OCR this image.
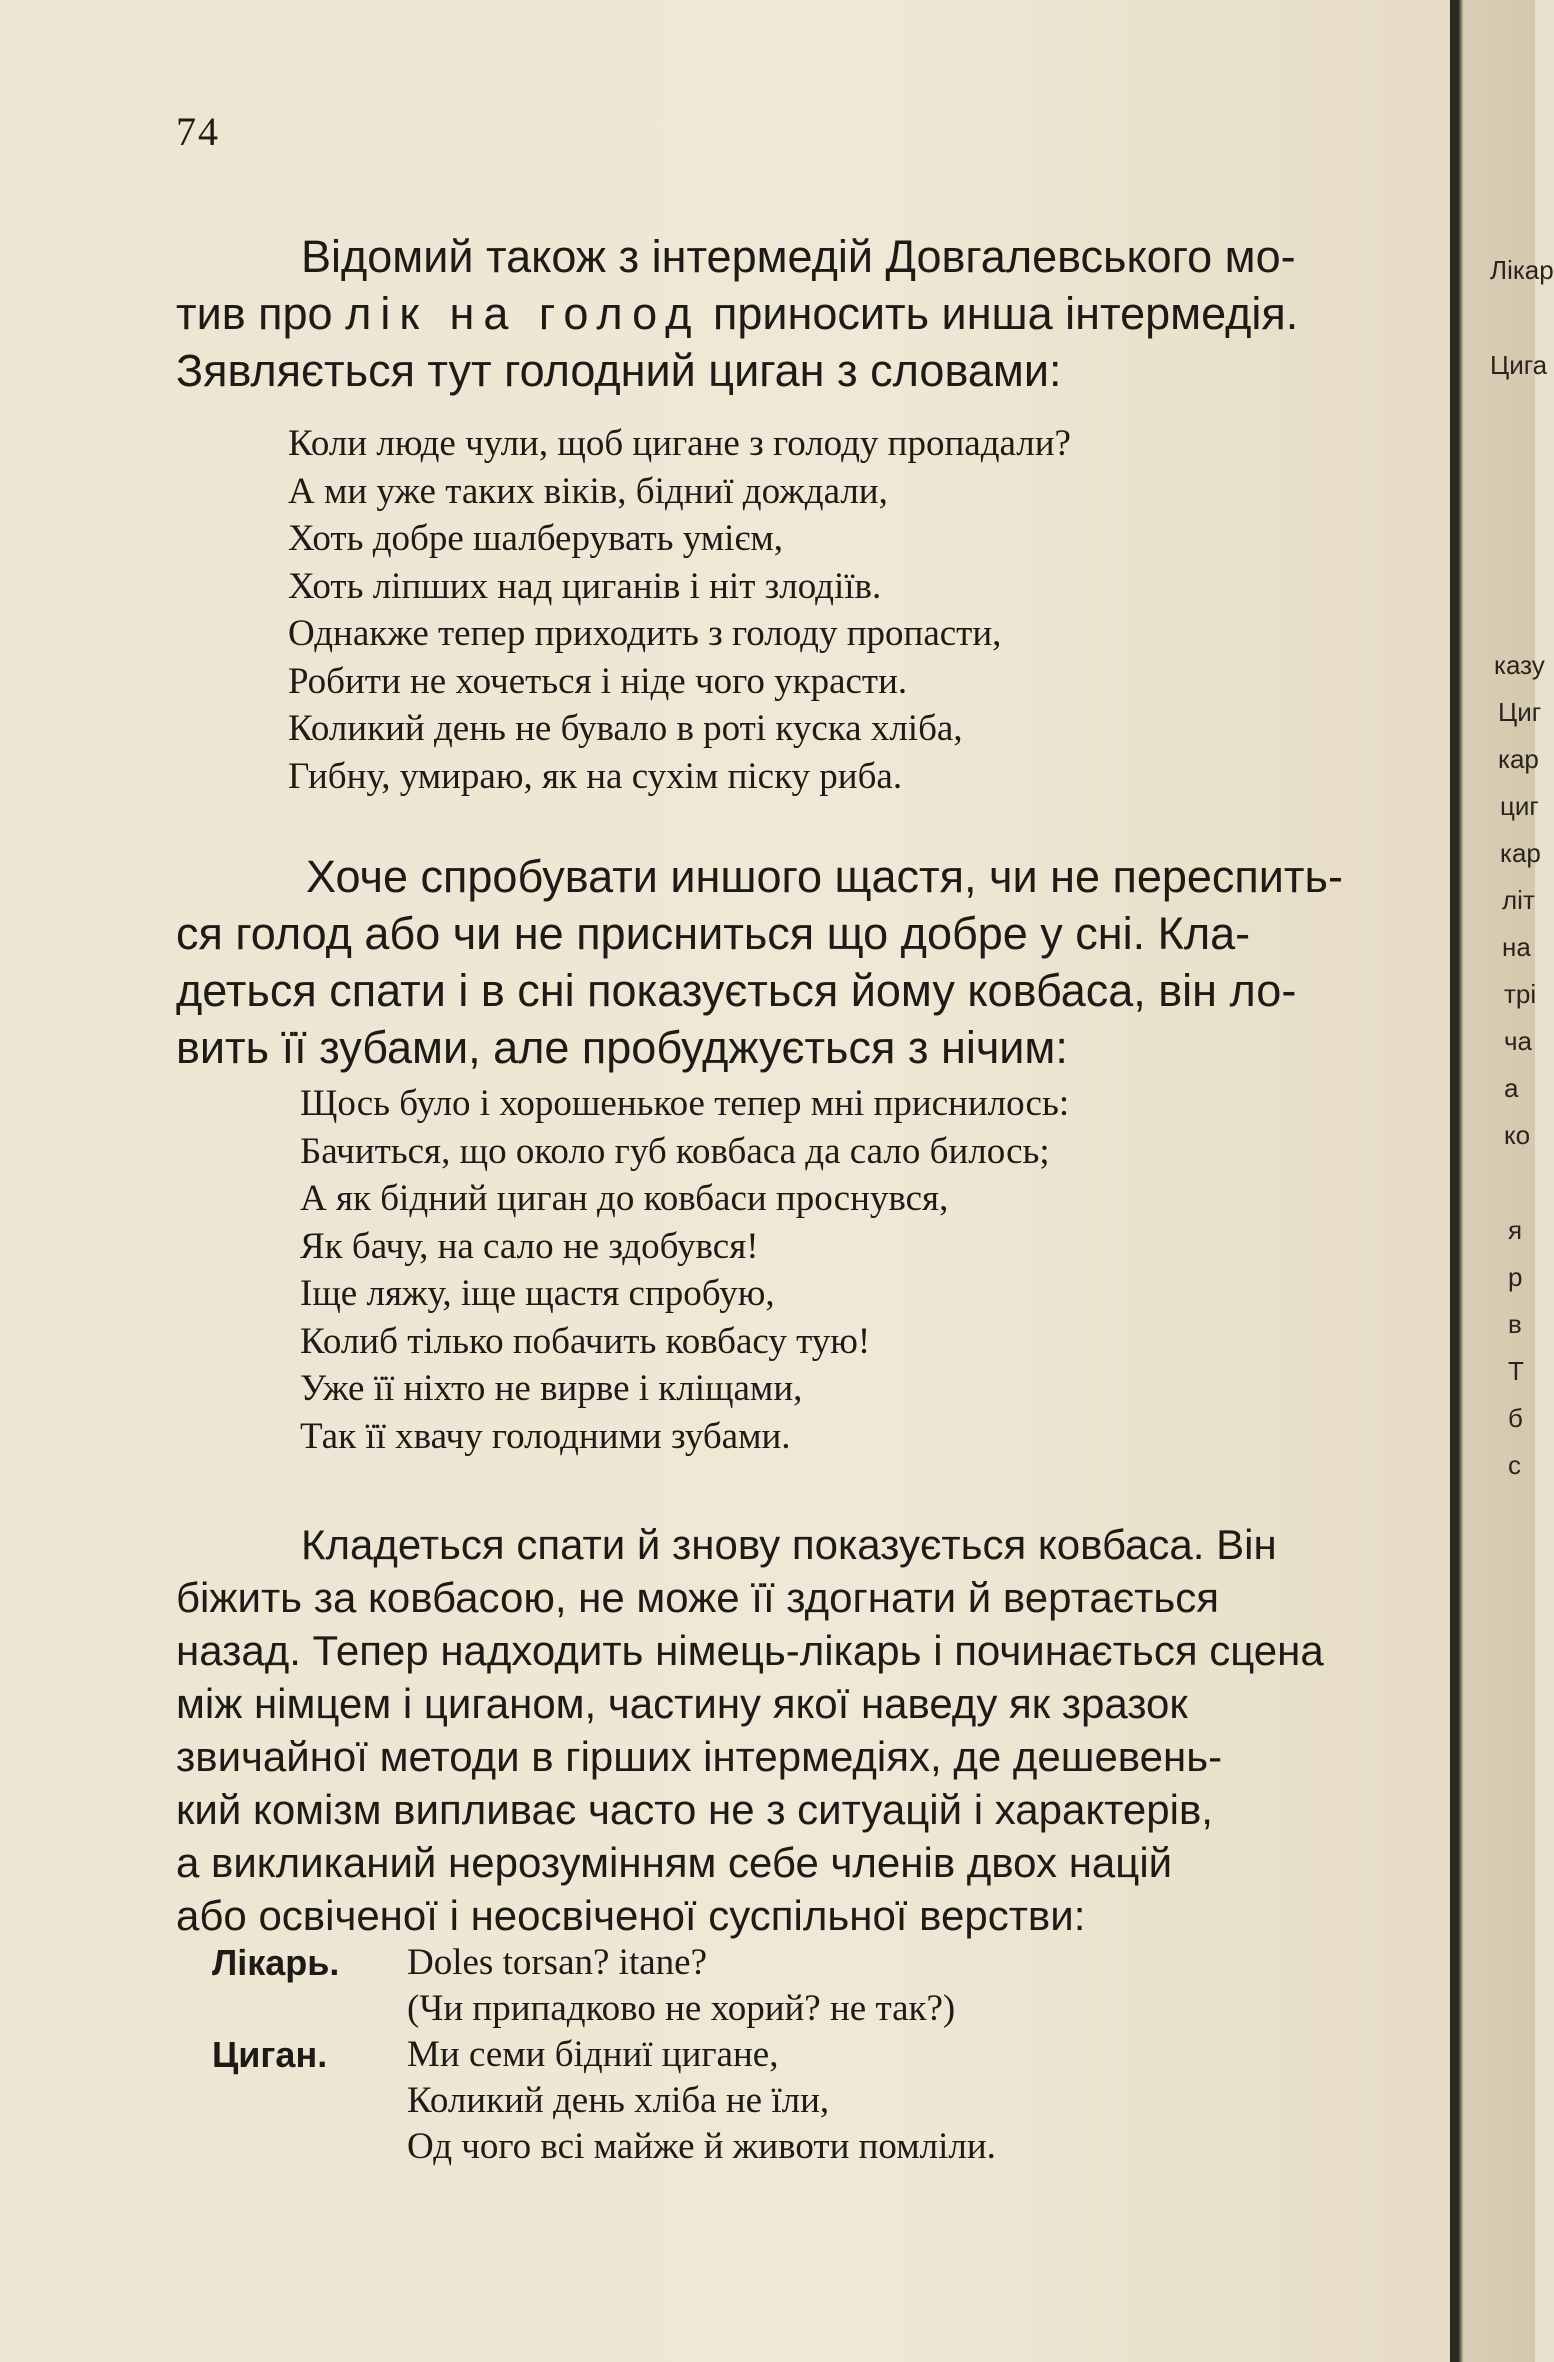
74
Відомий також з інтермедій Довгалевського мо-
тив про лік на голод приносить инша інтермедія.
Зявляється тут голодний циган з словами:
Коли люде чули, щоб цигане з голоду пропадали?
А ми уже таких віків, бідниї дождали,
Хоть добре шалберувать умієм,
Хоть ліпших над циганів і ніт злодіїв.
Однакже тепер приходить з голоду пропасти,
Робити не хочеться і ніде чого украсти.
Коликий день не бувало в роті куска хліба,
Гибну, умираю, як на сухім піску риба.
Хоче спробувати иншого щастя, чи не переспить-
ся голод або чи не присниться що добре у сні. Кла-
деться спати і в сні показується йому ковбаса, він ло-
вить її зубами, але пробуджується з нічим:
Щось було і хорошенькое тепер мні приснилось:
Бачиться, що около губ ковбаса да сало билось;
А як бідний циган до ковбаси проснувся,
Як бачу, на сало не здобувся!
Іще ляжу, іще щастя спробую,
Колиб тілько побачить ковбасу тую!
Уже її ніхто не вирве і кліщами,
Так її хвачу голодними зубами.
Кладеться спати й знову показується ковбаса. Він
біжить за ковбасою, не може її здогнати й вертається
назад. Тепер надходить німець-лікарь і починається сцена
між німцем і циганом, частину якої наведу як зразок
звичайної методи в гірших інтермедіях, де дешевень-
кий комізм випливає часто не з ситуацій і характерів,
а викликаний нерозумінням себе членів двох націй
або освіченої і неосвіченої суспільної верстви:
Лікарь.	Doles torsan? itane?
(Чи припадково не хорий? не так?)
Циган.	Ми семи бідниї цигане,
Коликий день хліба не їли,
Од чого всі майже й животи помліли.
Лікар
Цига
казу
Циг
кар
циг
кар
літ
на
трі
ча
а
ко
я
р
в
Т
б
с
